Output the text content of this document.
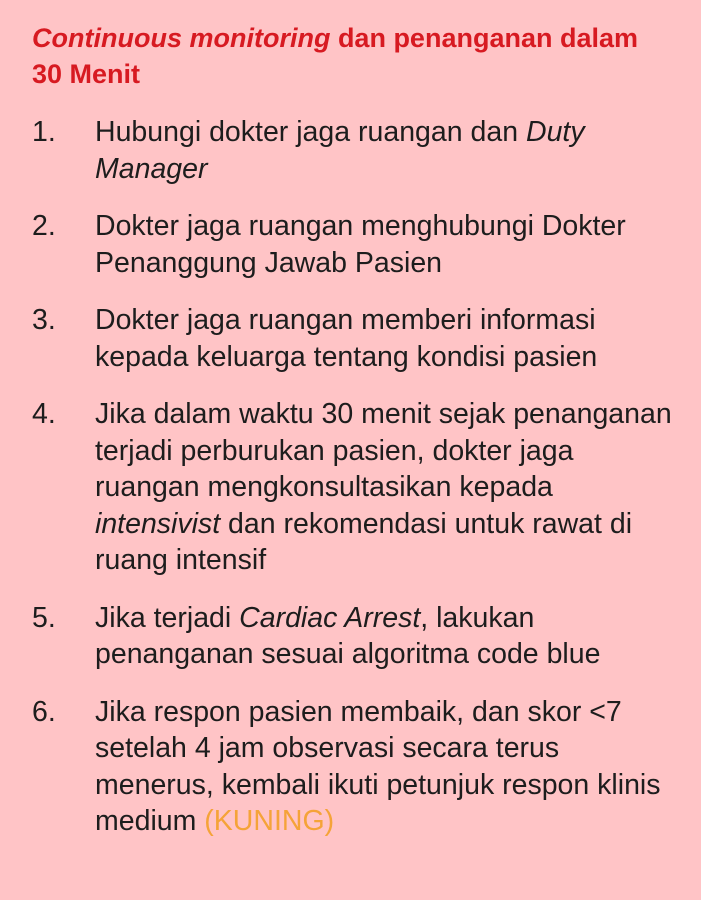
Continuous monitoring dan penanganan dalam 30 Menit
1. Hubungi dokter jaga ruangan dan Duty Manager
2. Dokter jaga ruangan menghubungi Dokter Penanggung Jawab Pasien
3. Dokter jaga ruangan memberi informasi kepada keluarga tentang kondisi pasien
4. Jika dalam waktu 30 menit sejak penanganan terjadi perburukan pasien, dokter jaga ruangan mengkonsultasikan kepada intensivist dan rekomendasi untuk rawat di ruang intensif
5. Jika terjadi Cardiac Arrest, lakukan penanganan sesuai algoritma code blue
6. Jika respon pasien membaik, dan skor <7 setelah 4 jam observasi secara terus menerus, kembali ikuti petunjuk respon klinis medium (KUNING)
